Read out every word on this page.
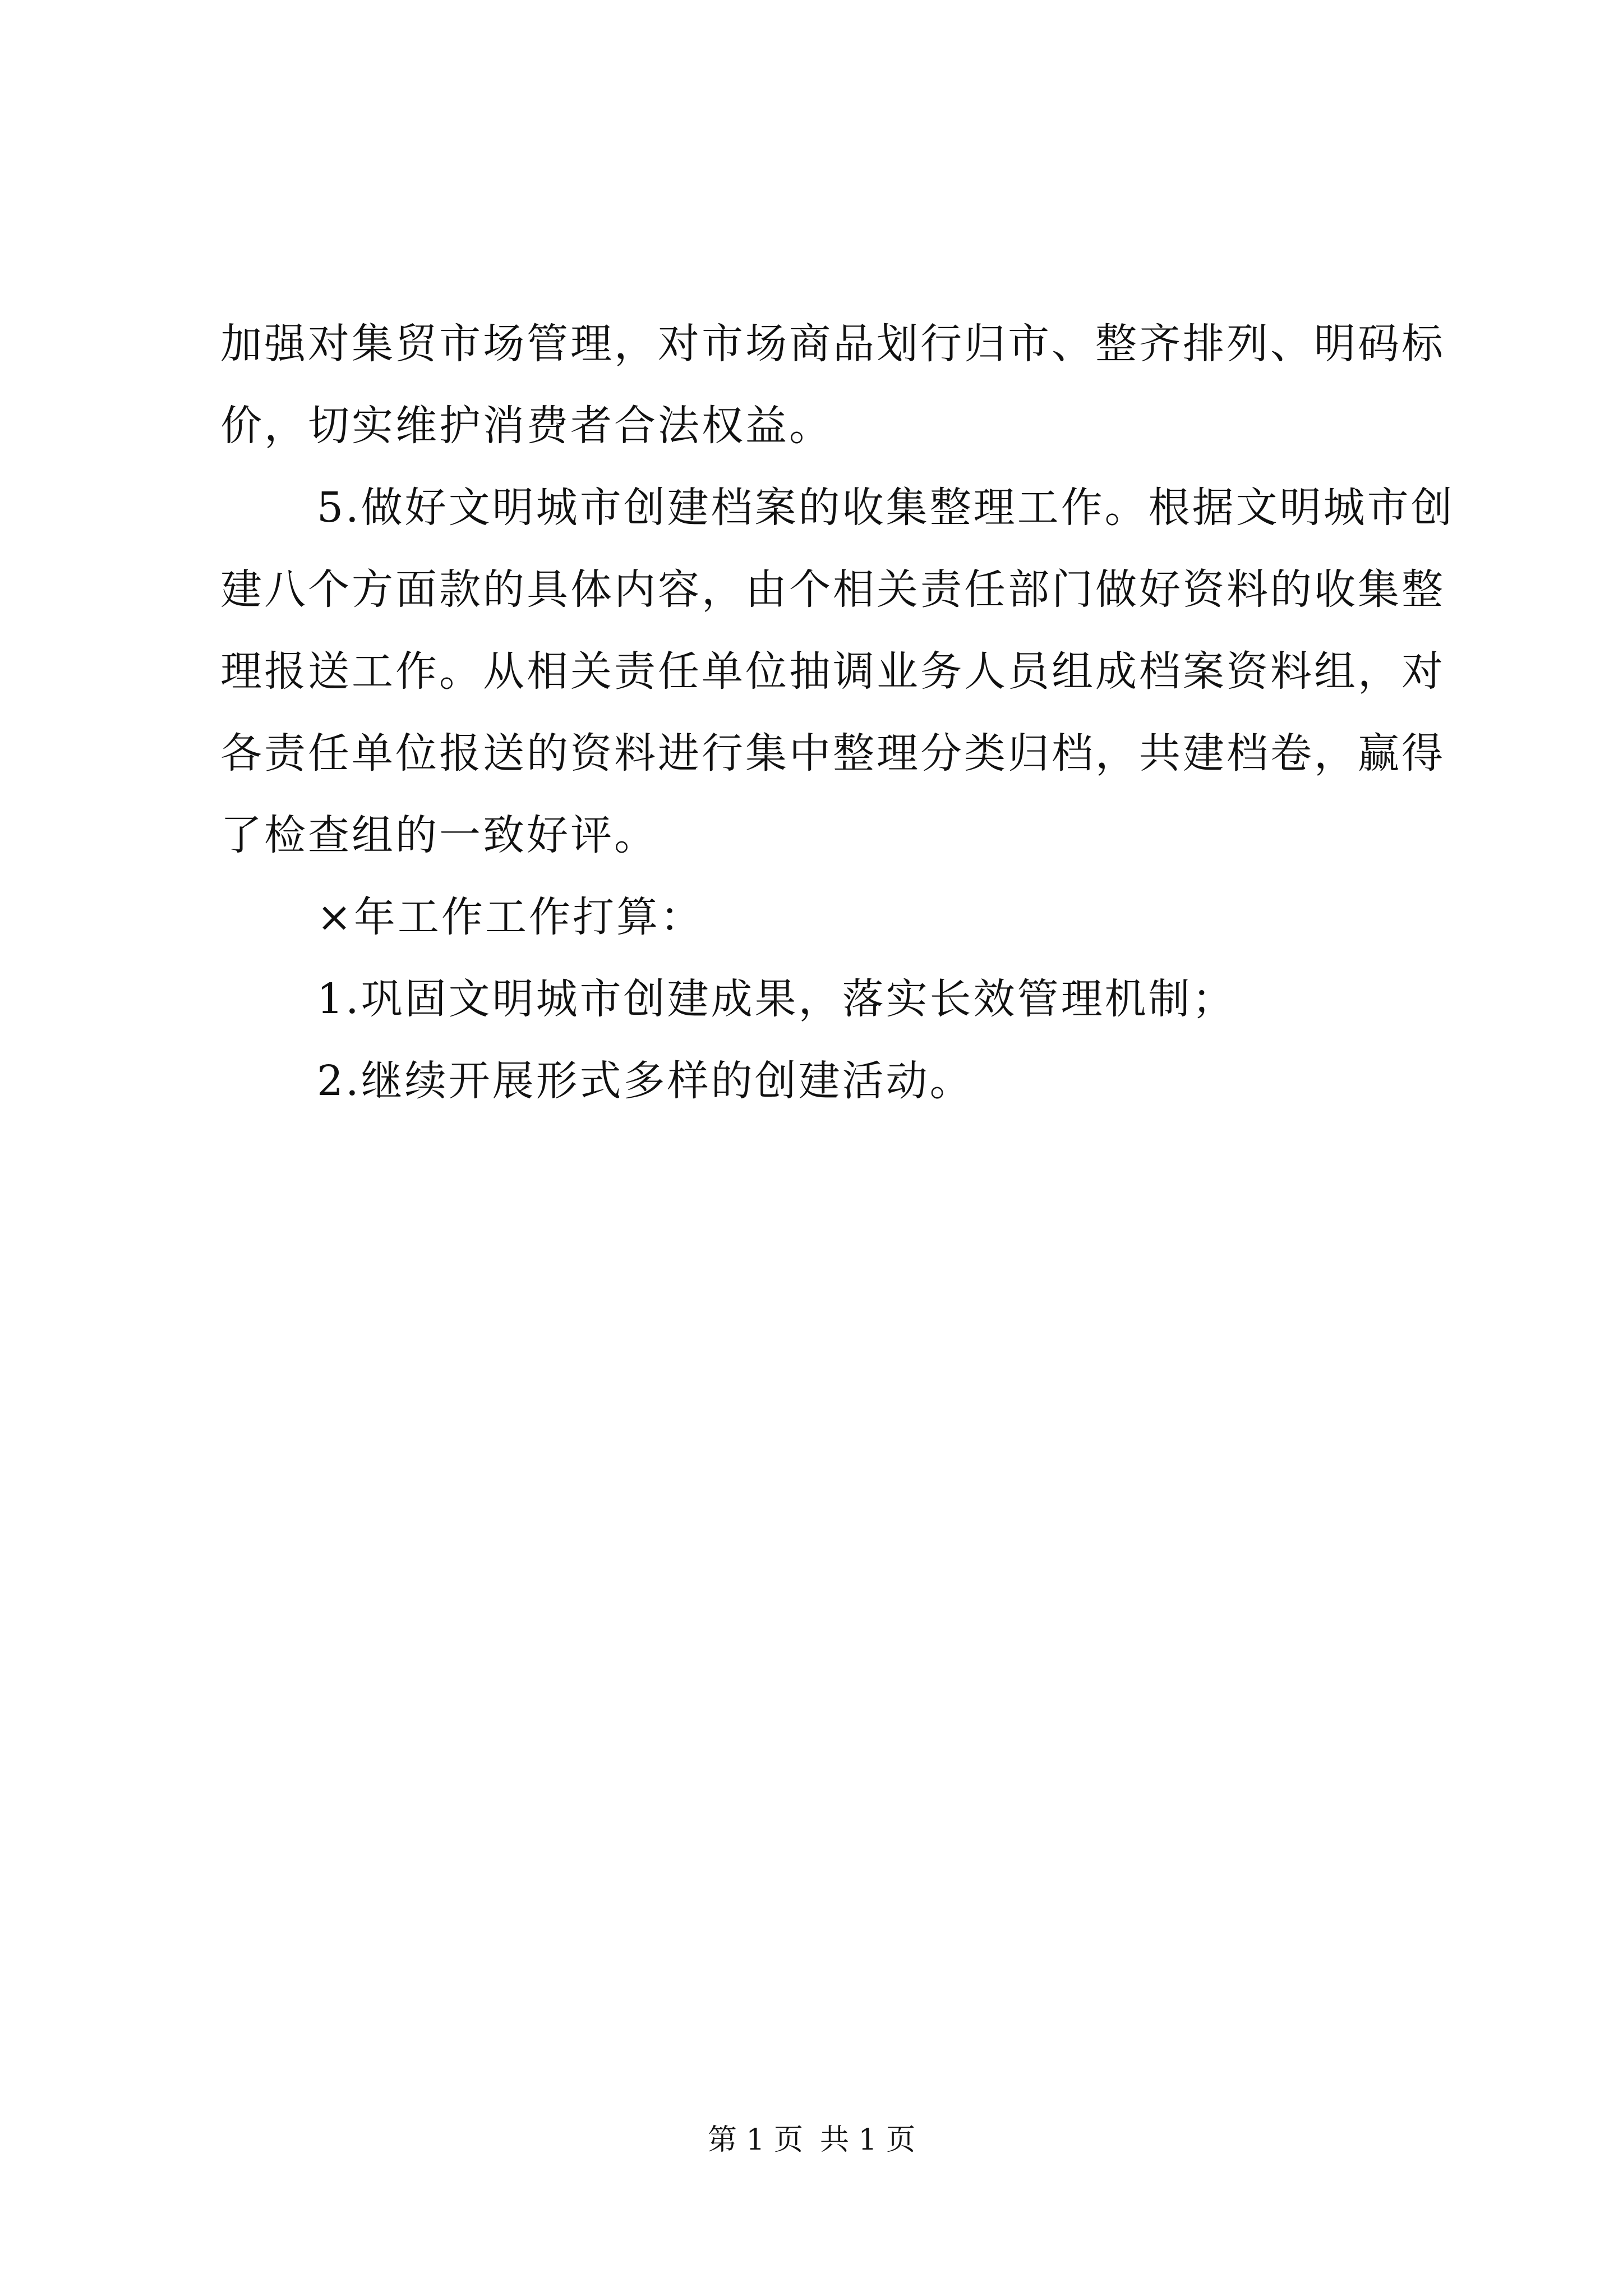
加强对集贸市场管理，对市场商品划行归市、整齐排列、明码标
价，切实维护消费者合法权益。
5.做好文明城市创建档案的收集整理工作。根据文明城市创
建八个方面款的具体内容，由个相关责任部门做好资料的收集整
理报送工作。从相关责任单位抽调业务人员组成档案资料组，对
各责任单位报送的资料进行集中整理分类归档，共建档卷，赢得
了检查组的一致好评。
×年工作工作打算：
1.巩固文明城市创建成果，落实长效管理机制；
2.继续开展形式多样的创建活动。
第 1 页 共 1 页
